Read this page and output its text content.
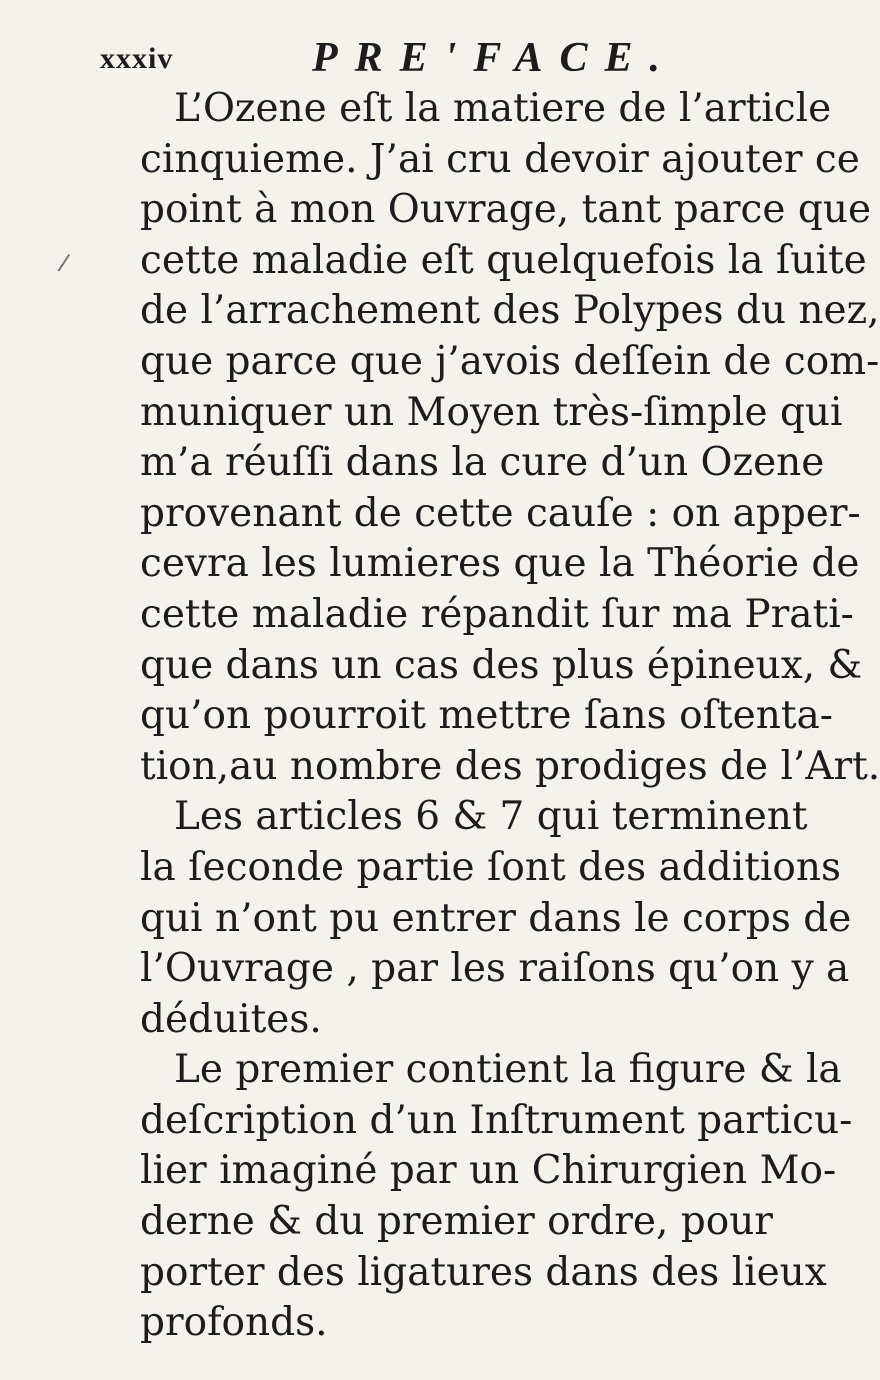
xxxiv	PRE'FACE.
/
L’Ozene eſt la matiere de l’article
cinquieme. J’ai cru devoir ajouter ce
point à mon Ouvrage, tant parce que
cette maladie eſt quelquefois la ſuite
de l’arrachement des Polypes du nez,
que parce que j’avois deſſein de com-
muniquer un Moyen très-ſimple qui
m’a réuſſi dans la cure d’un Ozene
provenant de cette cauſe : on apper-
cevra les lumieres que la Théorie de
cette maladie répandit ſur ma Prati-
que dans un cas des plus épineux, &
qu’on pourroit mettre ſans oſtenta-
tion,au nombre des prodiges de l’Art.
Les articles 6 & 7 qui terminent
la ſeconde partie ſont des additions
qui n’ont pu entrer dans le corps de
l’Ouvrage , par les raiſons qu’on y a
déduites.
Le premier contient la figure & la
deſcription d’un Inſtrument particu-
lier imaginé par un Chirurgien Mo-
derne & du premier ordre, pour
porter des ligatures dans des lieux
profonds.
